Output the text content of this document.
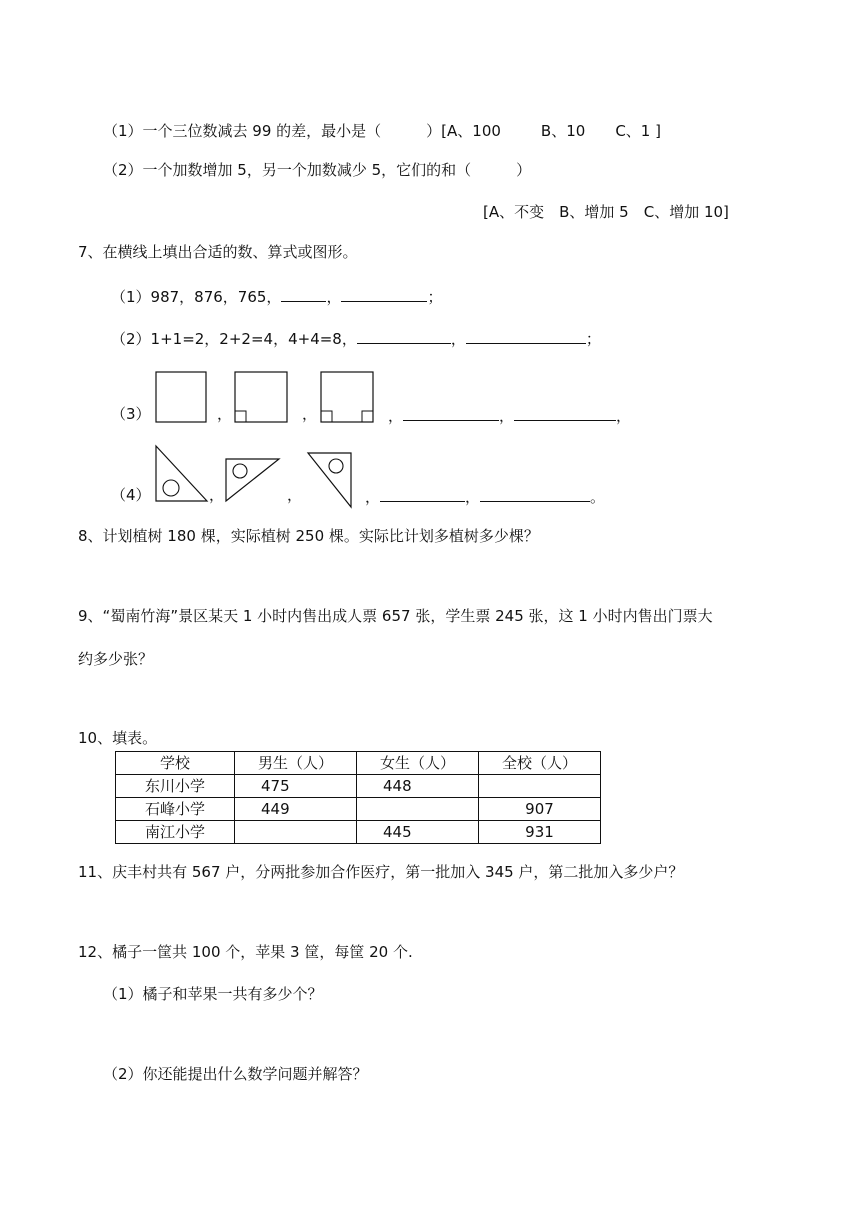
（1）一个三位数减去 99 的差，最小是（　　　）[A、100	B、10 C、1 ]
（2）一个加数增加 5，另一个加数减少 5，它们的和（　　　）
[A、不变　B、增加 5　C、增加 10]
7、在横线上填出合适的数、算式或图形。
（1）987，876，765，	，	；
（2）1+1=2，2+2=4，4+4=8，	，	；
（3）	，	，	，	，	，
（4）	，	，	，	，	。
8、计划植树 180 棵，实际植树 250 棵。实际比计划多植树多少棵？
9、“蜀南竹海”景区某天 1 小时内售出成人票 657 张，学生票 245 张，这 1 小时内售出门票大
约多少张？
10、填表。
学校	男生（人）	女生（人）	全校（人）
东川小学	475	448	
石峰小学	449		907
南江小学		445	931
11、庆丰村共有 567 户，分两批参加合作医疗，第一批加入 345 户，第二批加入多少户？
12、橘子一筐共 100 个，苹果 3 筐，每筐 20 个.
（1）橘子和苹果一共有多少个？
（2）你还能提出什么数学问题并解答？
